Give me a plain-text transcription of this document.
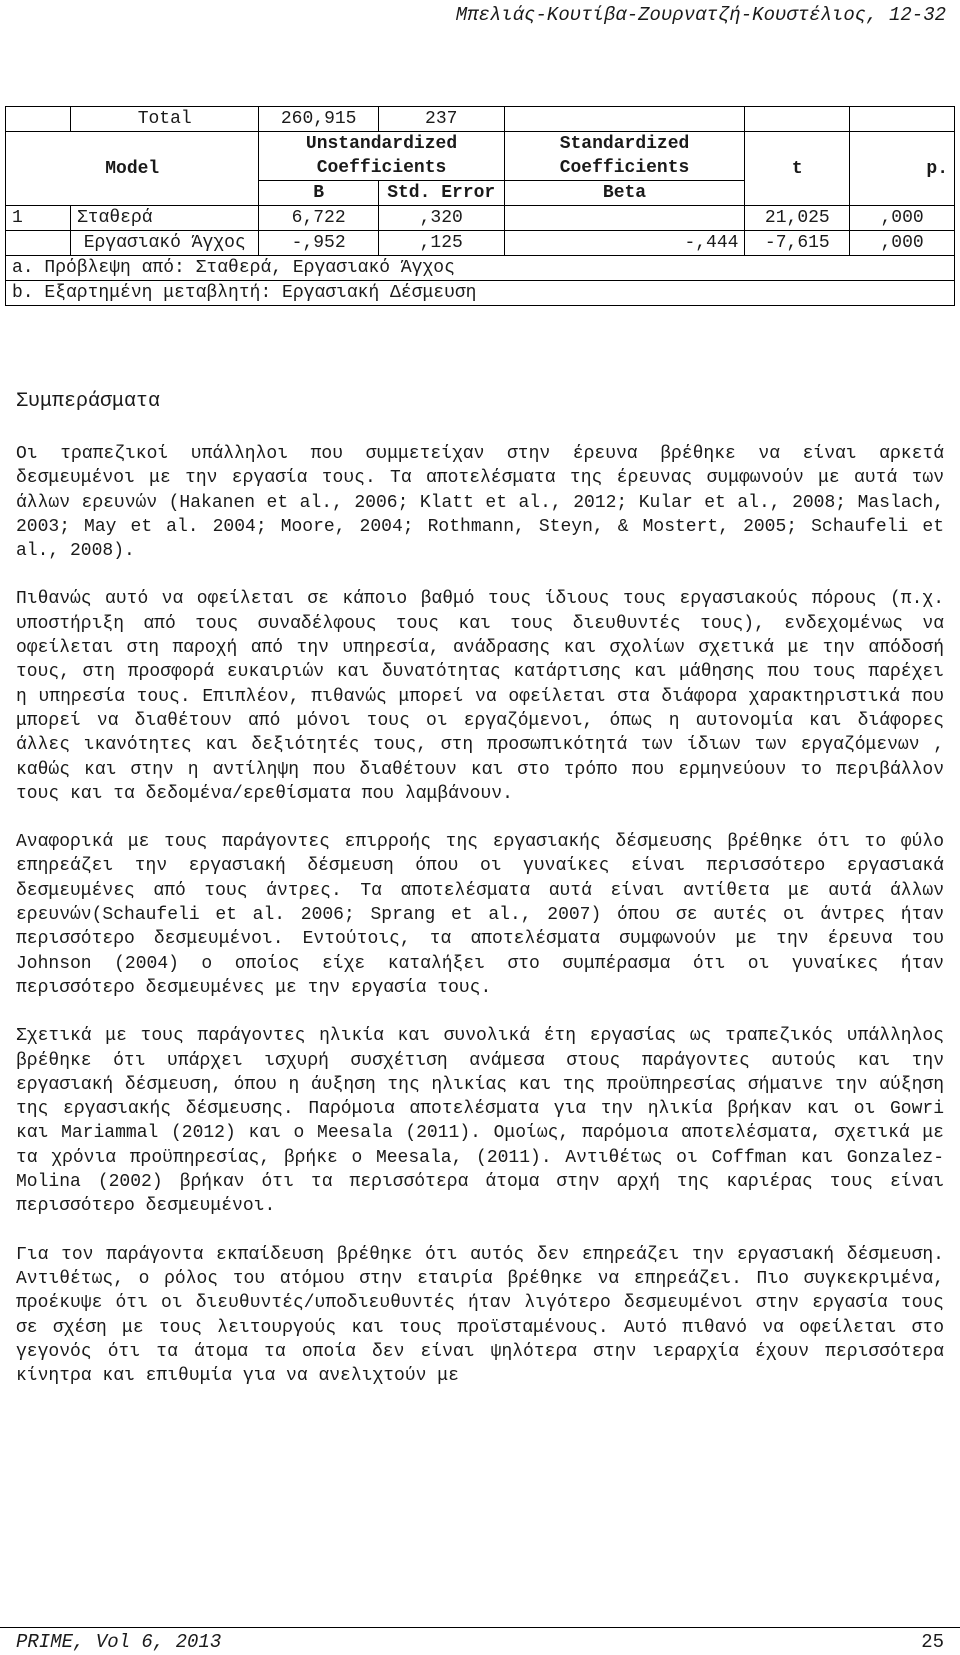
Μπελιάς-Κουτίβα-Ζουρνατζή-Κουστέλιος, 12-32
	Total	260,915	237			
Model		Unstandardized Coefficients		Standardized Coefficients	t	p.
		B	Std. Error	Beta		
1	Σταθερά	6,722	,320		21,025	,000
	Εργασιακό Άγχος	-,952	,125	-,444	-7,615	,000
a. Πρόβλεψη από: Σταθερά, Εργασιακό Άγχος						
b. Εξαρτημένη μεταβλητή: Εργασιακή Δέσμευση						
Συμπεράσματα

Οι τραπεζικοί υπάλληλοι που συμμετείχαν στην έρευνα βρέθηκε να είναι αρκετά δεσμευμένοι με την εργασία τους. Τα αποτελέσματα της έρευνας συμφωνούν με αυτά των άλλων ερευνών (Hakanen et al., 2006; Klatt et al., 2012; Kular et al., 2008; Maslach, 2003; May et al. 2004; Moore, 2004; Rothmann, Steyn, & Mostert, 2005; Schaufeli et al., 2008).

Πιθανώς αυτό να οφείλεται σε κάποιο βαθμό τους ίδιους τους εργασιακούς πόρους (π.χ. υποστήριξη από τους συναδέλφους τους και τους διευθυντές τους), ενδεχομένως να οφείλεται στη παροχή από την υπηρεσία, ανάδρασης και σχολίων σχετικά με την απόδοσή τους, στη προσφορά ευκαιριών και δυνατότητας κατάρτισης και μάθησης που τους παρέχει η υπηρεσία τους. Επιπλέον, πιθανώς μπορεί να οφείλεται στα διάφορα χαρακτηριστικά που μπορεί να διαθέτουν από μόνοι τους οι εργαζόμενοι, όπως η αυτονομία και διάφορες άλλες ικανότητες και δεξιότητές τους, στη προσωπικότητά των ίδιων των εργαζόμενων , καθώς και στην η αντίληψη που διαθέτουν και στο τρόπο που ερμηνεύουν το περιβάλλον τους και τα δεδομένα/ερεθίσματα που λαμβάνουν.

Αναφορικά με τους παράγοντες επιρροής της εργασιακής δέσμευσης βρέθηκε ότι το φύλο επηρεάζει την εργασιακή δέσμευση όπου οι γυναίκες είναι περισσότερο εργασιακά δεσμευμένες από τους άντρες. Τα αποτελέσματα αυτά είναι αντίθετα με αυτά άλλων ερευνών(Schaufeli et al. 2006; Sprang et al., 2007) όπου σε αυτές οι άντρες ήταν περισσότερο δεσμευμένοι. Εντούτοις, τα αποτελέσματα συμφωνούν με την έρευνα του Johnson (2004) ο οποίος είχε καταλήξει στο συμπέρασμα ότι οι γυναίκες ήταν περισσότερο δεσμευμένες με την εργασία τους.

Σχετικά με τους παράγοντες ηλικία και συνολικά έτη εργασίας ως τραπεζικός υπάλληλος βρέθηκε ότι υπάρχει ισχυρή συσχέτιση ανάμεσα στους παράγοντες αυτούς και την εργασιακή δέσμευση, όπου η άυξηση της ηλικίας και της προϋπηρεσίας σήμαινε την αύξηση της εργασιακής δέσμευσης. Παρόμοια αποτελέσματα για την ηλικία βρήκαν και οι Gowri και Mariammal (2012) και ο Meesala (2011). Ομοίως, παρόμοια αποτελέσματα, σχετικά με τα χρόνια προϋπηρεσίας, βρήκε ο Meesala, (2011). Αντιθέτως οι Coffman και Gonzalez-Molina (2002) βρήκαν ότι τα περισσότερα άτομα στην αρχή της καριέρας τους είναι περισσότερο δεσμευμένοι.

Για τον παράγοντα εκπαίδευση βρέθηκε ότι αυτός δεν επηρεάζει την εργασιακή δέσμευση. Αντιθέτως, ο ρόλος του ατόμου στην εταιρία βρέθηκε να επηρεάζει. Πιο συγκεκριμένα, προέκυψε ότι οι διευθυντές/υποδιευθυντές ήταν λιγότερο δεσμευμένοι στην εργασία τους σε σχέση με τους λειτουργούς και τους προϊσταμένους. Αυτό πιθανό να οφείλεται στο γεγονός ότι τα άτομα τα οποία δεν είναι ψηλότερα στην ιεραρχία έχουν περισσότερα κίνητρα και επιθυμία για να ανελιχτούν με

PRIME, Vol 6, 2013	25
